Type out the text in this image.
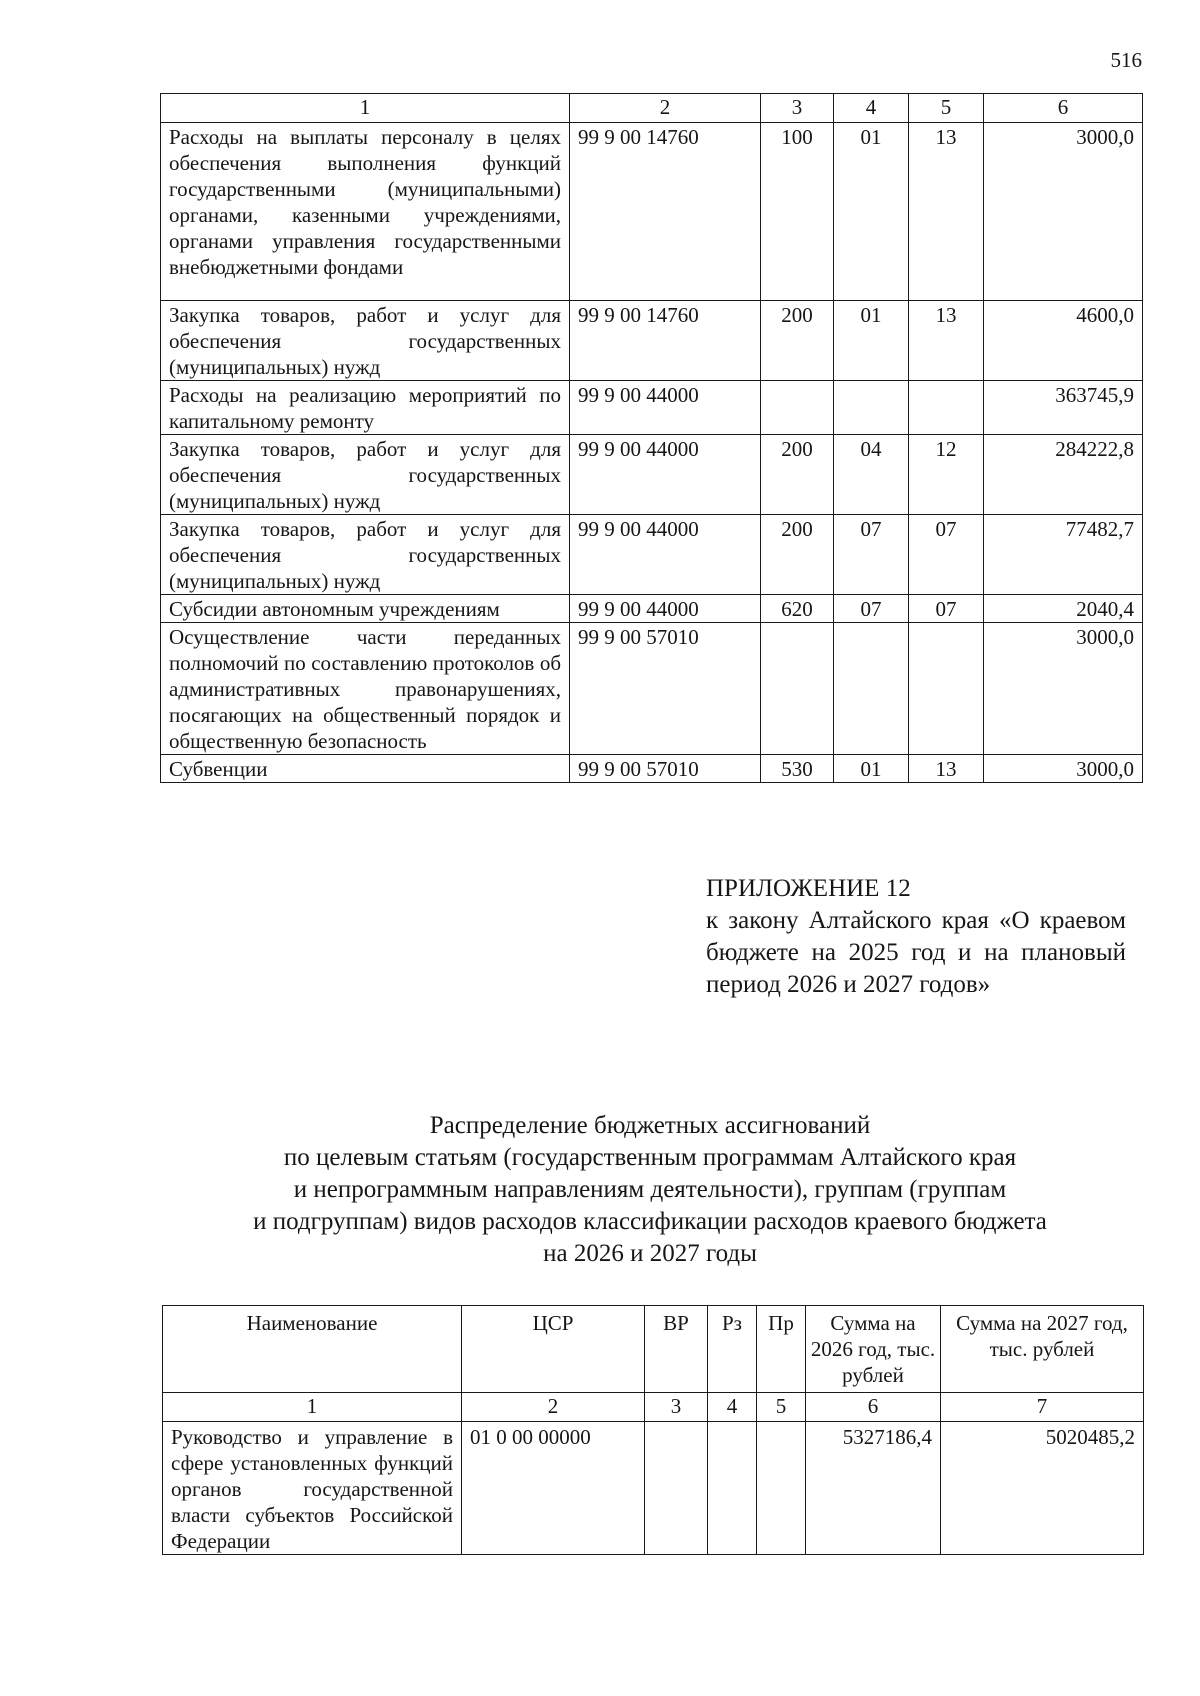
516
1	2	3	4	5	6
Расходы на выплаты персоналу в целях обеспечения выполнения функций государственными (муниципальными) органами, казенными учреждениями, органами управления государственными внебюджетными фондами	99 9 00 14760	100	01	13	3000,0
Закупка товаров, работ и услуг для обеспечения государственных (муниципальных) нужд	99 9 00 14760	200	01	13	4600,0
Расходы на реализацию мероприятий по капитальному ремонту	99 9 00 44000				363745,9
Закупка товаров, работ и услуг для обеспечения государственных (муниципальных) нужд	99 9 00 44000	200	04	12	284222,8
Закупка товаров, работ и услуг для обеспечения государственных (муниципальных) нужд	99 9 00 44000	200	07	07	77482,7
Субсидии автономным учреждениям	99 9 00 44000	620	07	07	2040,4
Осуществление части переданных полномочий по составлению протоколов об административных правонарушениях, посягающих на общественный порядок и общественную безопасность	99 9 00 57010				3000,0
Субвенции	99 9 00 57010	530	01	13	3000,0
ПРИЛОЖЕНИЕ 12
к закону Алтайского края «О краевом бюджете на 2025 год и на плановый период 2026 и 2027 годов»
Распределение бюджетных ассигнований
по целевым статьям (государственным программам Алтайского края
и непрограммным направлениям деятельности), группам (группам
и подгруппам) видов расходов классификации расходов краевого бюджета
на 2026 и 2027 годы
Наименование	ЦСР	ВР	Рз	Пр	Сумма на 2026 год, тыс. рублей	Сумма на 2027 год, тыс. рублей
1	2	3	4	5	6	7
Руководство и управление в сфере установленных функций органов государственной власти субъектов Российской Федерации	01 0 00 00000				5327186,4	5020485,2
